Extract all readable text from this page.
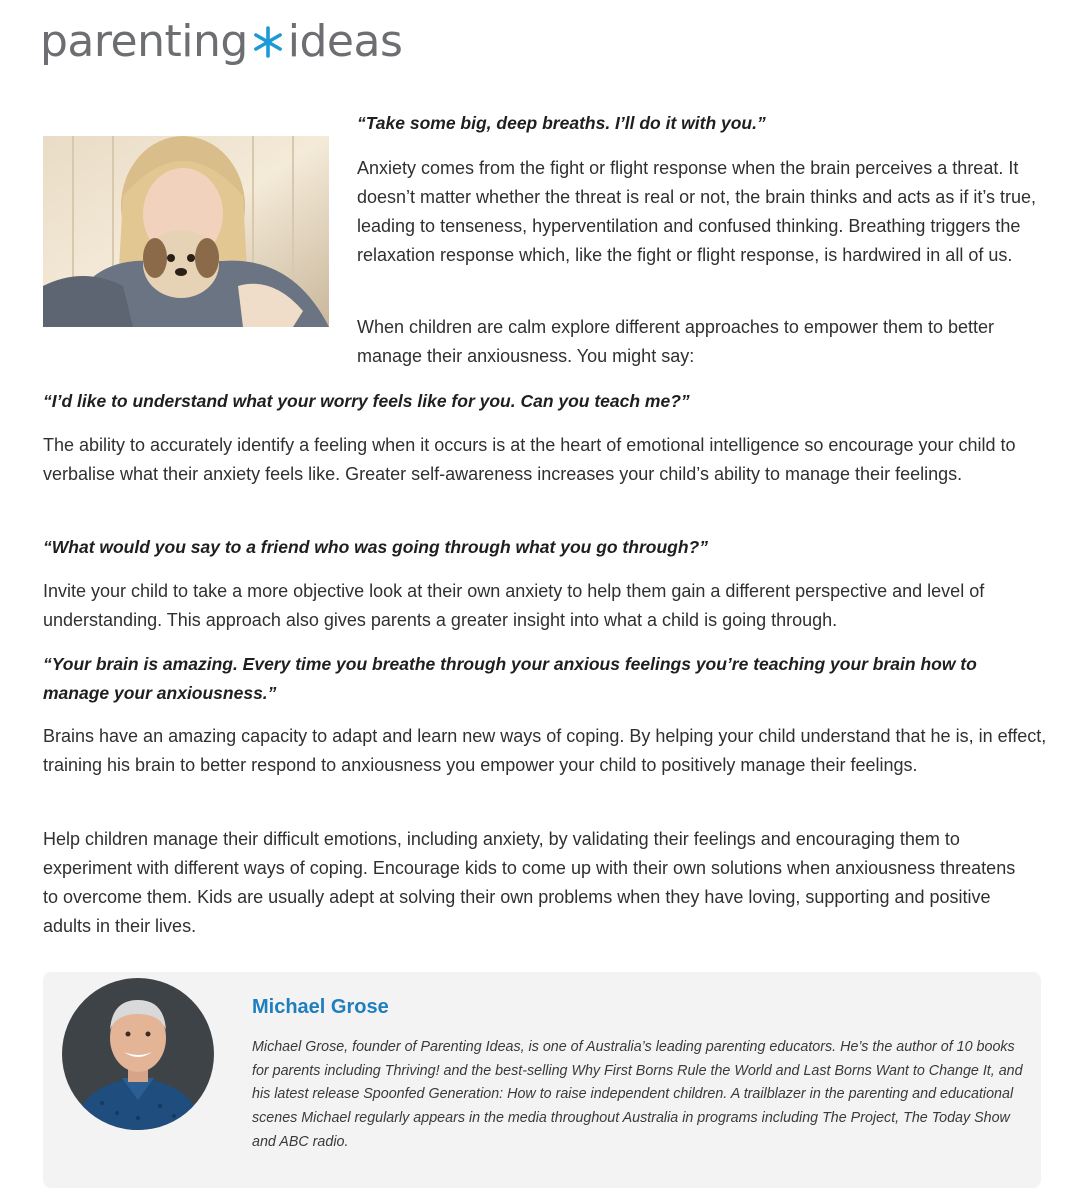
parenting ideas

“Take some big, deep breaths. I’ll do it with you.”

Anxiety comes from the fight or flight response when the brain perceives a threat. It doesn’t matter whether the threat is real or not, the brain thinks and acts as if it’s true, leading to tenseness, hyperventilation and confused thinking. Breathing triggers the relaxation response which, like the fight or flight response, is hardwired in all of us.

When children are calm explore different approaches to empower them to better manage their anxiousness. You might say:

“I’d like to understand what your worry feels like for you. Can you teach me?”

The ability to accurately identify a feeling when it occurs is at the heart of emotional intelligence so encourage your child to verbalise what their anxiety feels like. Greater self-awareness increases your child’s ability to manage their feelings.

“What would you say to a friend who was going through what you go through?”

Invite your child to take a more objective look at their own anxiety to help them gain a different perspective and level of understanding. This approach also gives parents a greater insight into what a child is going through.

“Your brain is amazing. Every time you breathe through your anxious feelings you’re teaching your brain how to manage your anxiousness.”

Brains have an amazing capacity to adapt and learn new ways of coping. By helping your child understand that he is, in effect, training his brain to better respond to anxiousness you empower your child to positively manage their feelings.

Help children manage their difficult emotions, including anxiety, by validating their feelings and encouraging them to experiment with different ways of coping. Encourage kids to come up with their own solutions when anxiousness threatens to overcome them. Kids are usually adept at solving their own problems when they have loving, supporting and positive adults in their lives.

Michael Grose

Michael Grose, founder of Parenting Ideas, is one of Australia’s leading parenting educators. He’s the author of 10 books for parents including Thriving! and the best-selling Why First Borns Rule the World and Last Borns Want to Change It, and his latest release Spoonfed Generation: How to raise independent children. A trailblazer in the parenting and educational scenes Michael regularly appears in the media throughout Australia in programs including The Project, The Today Show and ABC radio.
